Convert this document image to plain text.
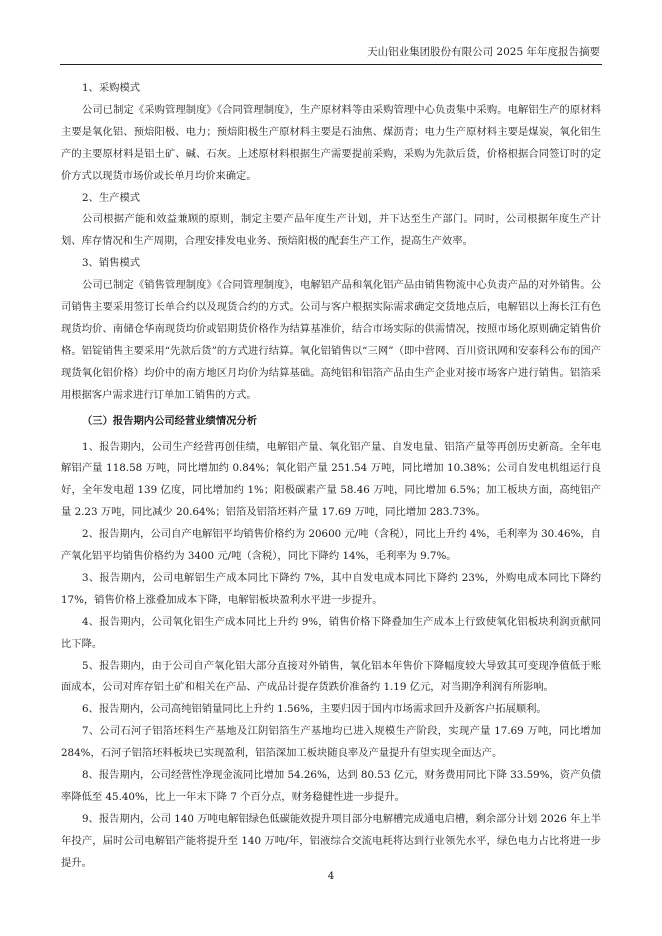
天山铝业集团股份有限公司 2025 年年度报告摘要

1、采购模式

公司已制定《采购管理制度》《合同管理制度》，生产原材料等由采购管理中心负责集中采购。电解铝生产的原材料主要是氧化铝、预焙阳极、电力；预焙阳极生产原材料主要是石油焦、煤沥青；电力生产原材料主要是煤炭，氧化铝生产的主要原材料是铝土矿、碱、石灰。上述原材料根据生产需要提前采购，采购为先款后货，价格根据合同签订时的定价方式以现货市场价或长单月均价来确定。

2、生产模式

公司根据产能和效益兼顾的原则，制定主要产品年度生产计划，并下达至生产部门。同时，公司根据年度生产计划、库存情况和生产周期，合理安排发电业务、预焙阳极的配套生产工作，提高生产效率。

3、销售模式

公司已制定《销售管理制度》《合同管理制度》，电解铝产品和氧化铝产品由销售物流中心负责产品的对外销售。公司销售主要采用签订长单合约以及现货合约的方式。公司与客户根据实际需求确定交货地点后，电解铝以上海长江有色现货均价、南储仓华南现货均价或铝期货价格作为结算基准价，结合市场实际的供需情况，按照市场化原则确定销售价格。铝锭销售主要采用“先款后货”的方式进行结算。氧化铝销售以“三网”（即中营网、百川资讯网和安泰科公布的国产现货氧化铝价格）均价中的南方地区月均价为结算基础。高纯铝和铝箔产品由生产企业对接市场客户进行销售。铝箔采用根据客户需求进行订单加工销售的方式。

（三）报告期内公司经营业绩情况分析

1、报告期内，公司生产经营再创佳绩，电解铝产量、氧化铝产量、自发电量、铝箔产量等再创历史新高。全年电解铝产量 118.58 万吨，同比增加约 0.84%；氧化铝产量 251.54 万吨，同比增加 10.38%；公司自发电机组运行良好，全年发电超 139 亿度，同比增加约 1%；阳极碳素产量 58.46 万吨，同比增加 6.5%；加工板块方面，高纯铝产量 2.23 万吨，同比减少 20.64%；铝箔及铝箔坯料产量 17.69 万吨，同比增加 283.73%。

2、报告期内，公司自产电解铝平均销售价格约为 20600 元/吨（含税），同比上升约 4%，毛利率为 30.46%，自产氧化铝平均销售价格约为 3400 元/吨（含税），同比下降约 14%，毛利率为 9.7%。

3、报告期内，公司电解铝生产成本同比下降约 7%，其中自发电成本同比下降约 23%，外购电成本同比下降约 17%，销售价格上涨叠加成本下降，电解铝板块盈利水平进一步提升。

4、报告期内，公司氧化铝生产成本同比上升约 9%，销售价格下降叠加生产成本上行致使氧化铝板块利润贡献同比下降。

5、报告期内，由于公司自产氧化铝大部分直接对外销售，氧化铝本年售价下降幅度较大导致其可变现净值低于账面成本，公司对库存铝土矿和相关在产品、产成品计提存货跌价准备约 1.19 亿元，对当期净利润有所影响。

6、报告期内，公司高纯铝销量同比上升约 1.56%，主要归因于国内市场需求回升及新客户拓展顺利。

7、公司石河子铝箔坯料生产基地及江阴铝箔生产基地均已进入规模生产阶段，实现产量 17.69 万吨，同比增加 284%，石河子铝箔坯料板块已实现盈利，铝箔深加工板块随良率及产量提升有望实现全面达产。

8、报告期内，公司经营性净现金流同比增加 54.26%，达到 80.53 亿元，财务费用同比下降 33.59%，资产负债率降低至 45.40%，比上一年末下降 7 个百分点，财务稳健性进一步提升。

9、报告期内，公司 140 万吨电解铝绿色低碳能效提升项目部分电解槽完成通电启槽，剩余部分计划 2026 年上半年投产，届时公司电解铝产能将提升至 140 万吨/年，铝液综合交流电耗将达到行业领先水平，绿色电力占比将进一步提升。

4
